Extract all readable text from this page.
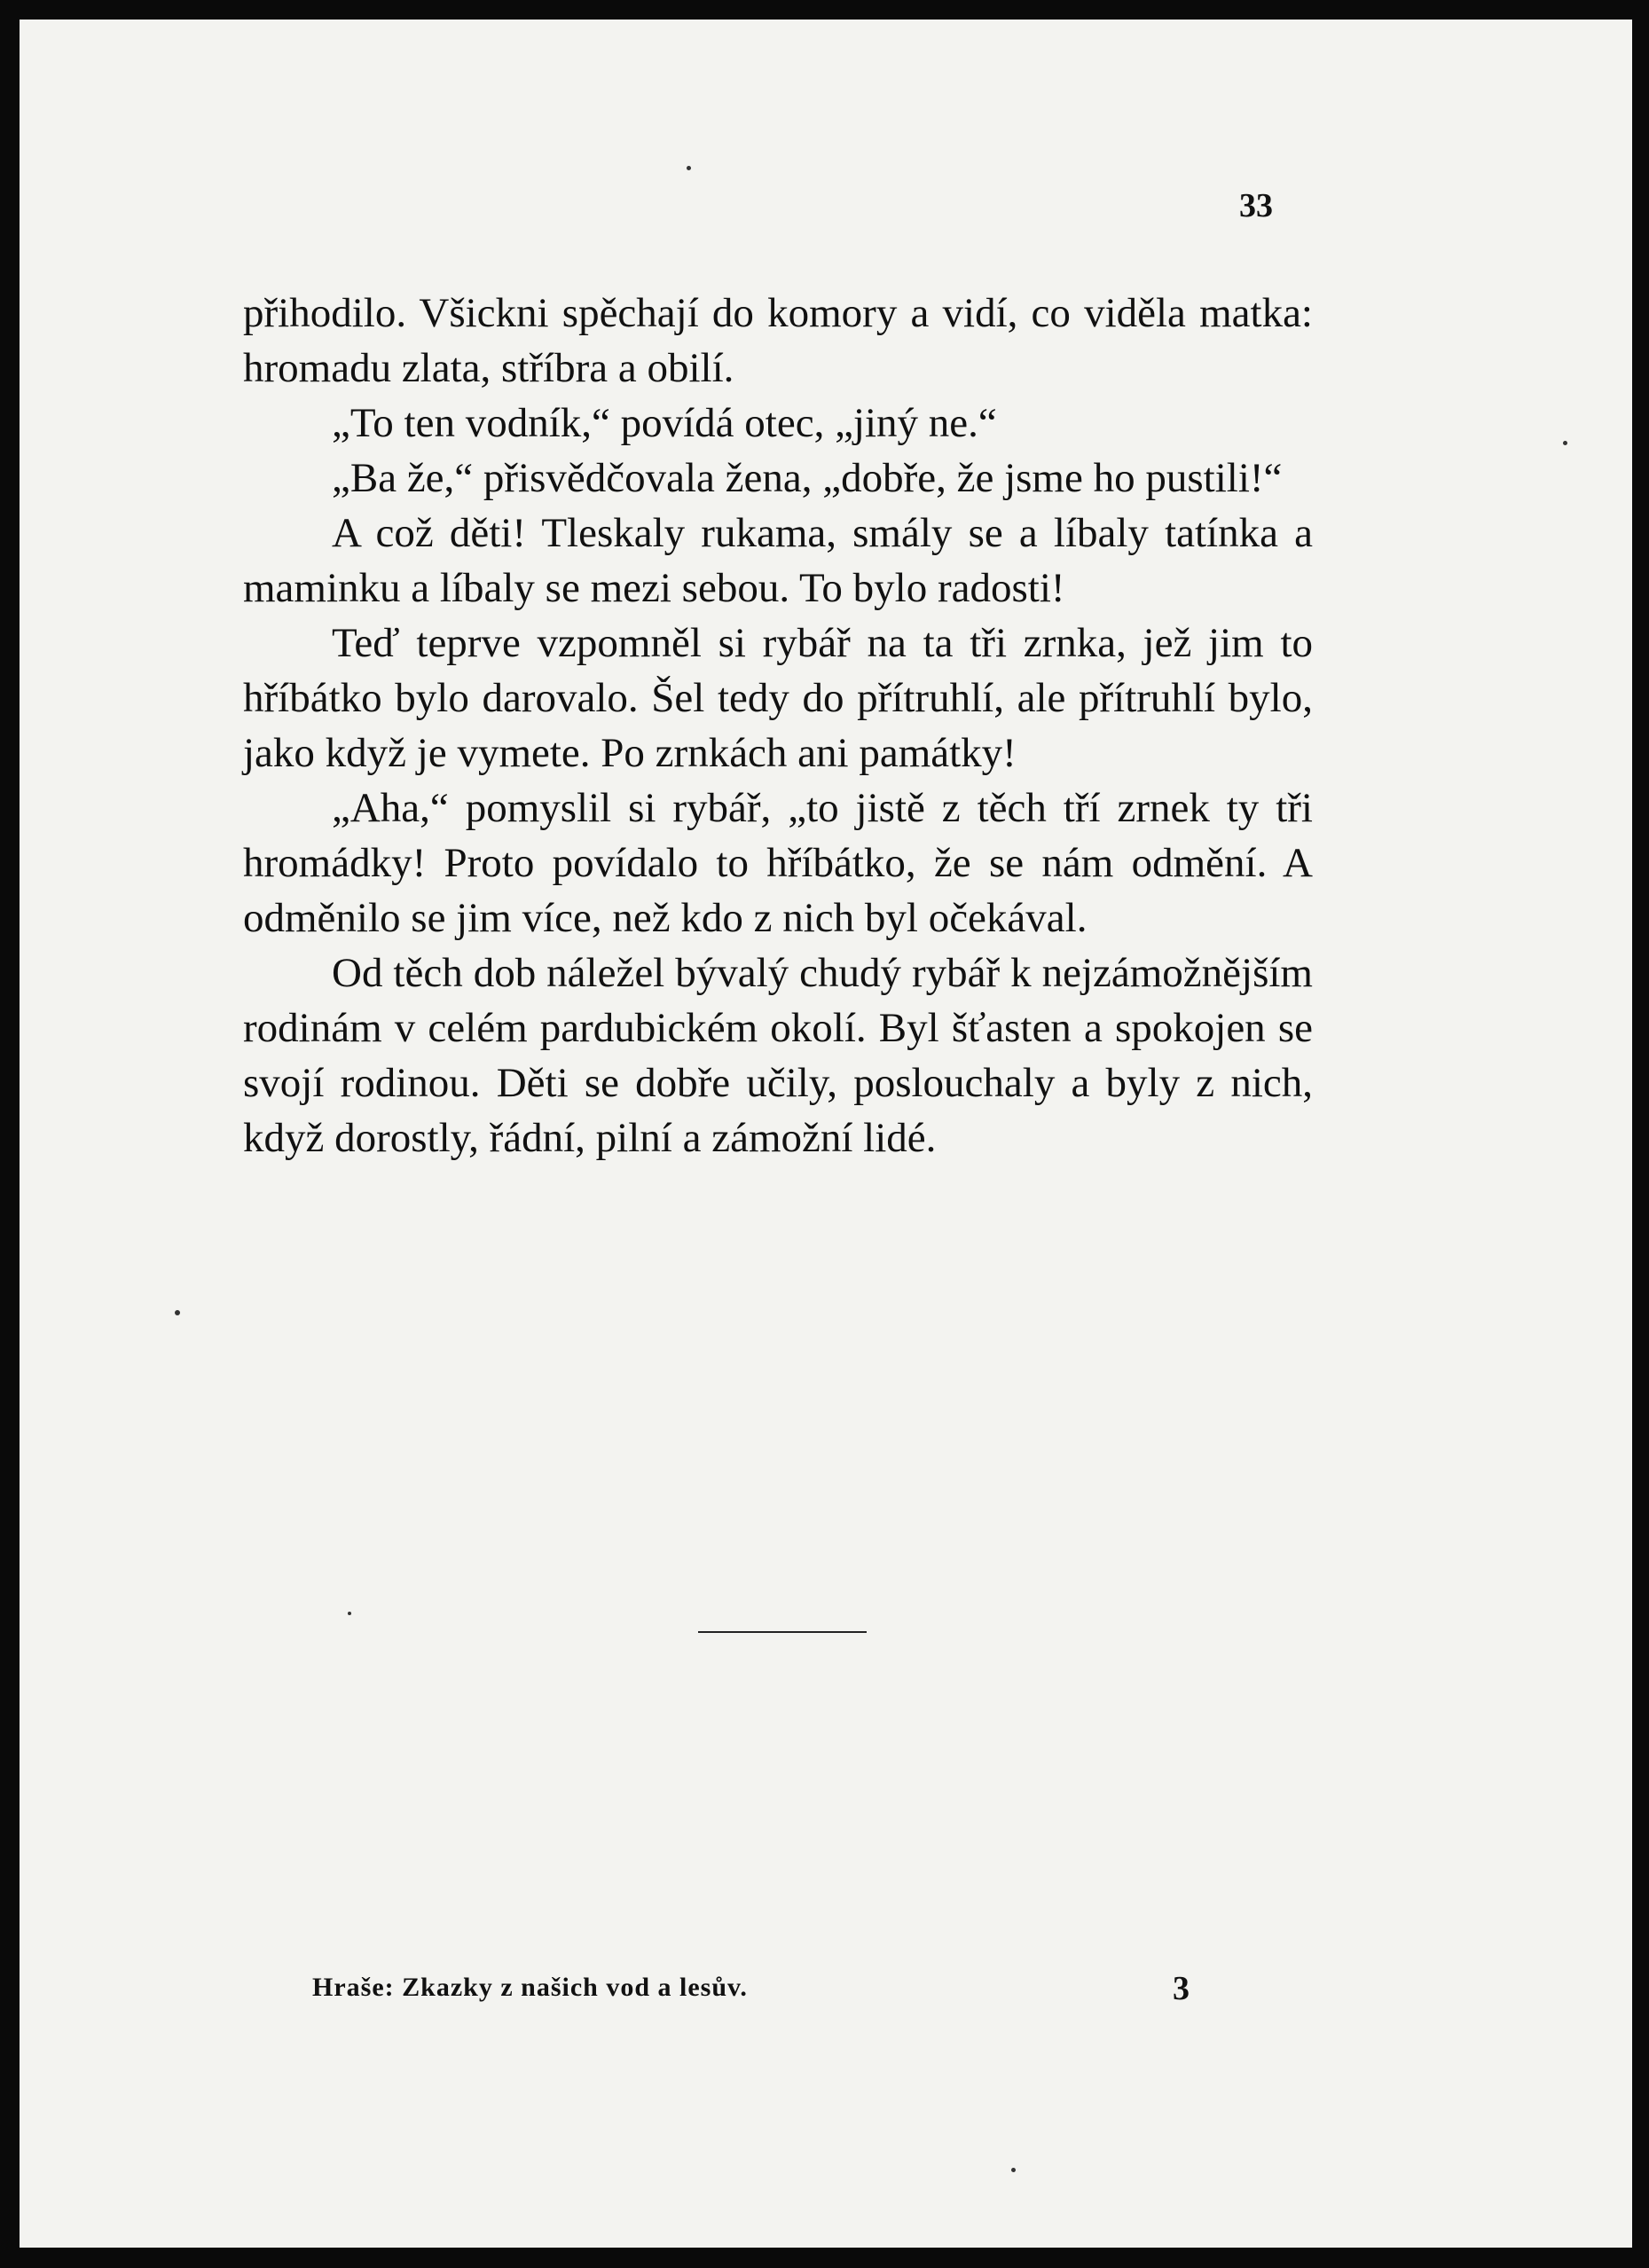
33

přihodilo. Všickni spěchají do komory a vidí, co viděla matka: hromadu zlata, stříbra a obilí.

„To ten vodník,“ povídá otec, „jiný ne.“

„Ba že,“ přisvědčovala žena, „dobře, že jsme ho pustili!“

A což děti! Tleskaly rukama, smály se a líbaly tatínka a maminku a líbaly se mezi sebou. To bylo radosti!

Teď teprve vzpomněl si rybář na ta tři zrnka, jež jim to hříbátko bylo darovalo. Šel tedy do přítruhlí, ale přítruhlí bylo, jako když je vymete. Po zrnkách ani památky!

„Aha,“ pomyslil si rybář, „to jistě z těch tří zrnek ty tři hromádky! Proto povídalo to hříbátko, že se nám odmění. A odměnilo se jim více, než kdo z nich byl očekával.

Od těch dob náležel bývalý chudý rybář k nejzámožnějším rodinám v celém pardubickém okolí. Byl šťasten a spokojen se svojí rodinou. Děti se dobře učily, poslouchaly a byly z nich, když dorostly, řádní, pilní a zámožní lidé.

Hraše: Zkazky z našich vod a lesův.	3
